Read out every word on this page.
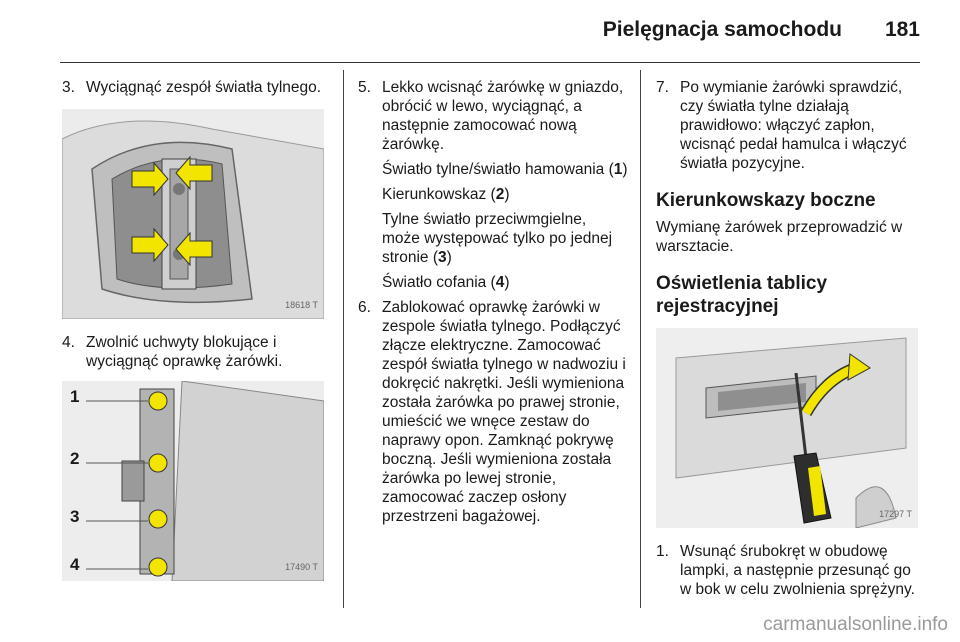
Pielęgnacja samochodu 181

3. Wyciągnąć zespół światła tylnego.

18618 T

4. Zwolnić uchwyty blokujące i wyciągnąć oprawkę żarówki.

1
2
3
4	17490 T

5. Lekko wcisnąć żarówkę w gniazdo, obrócić w lewo, wyciągnąć, a następnie zamocować nową żarówkę.

Światło tylne/światło hamowania (1)
Kierunkowskaz (2)
Tylne światło przeciwmgielne, może występować tylko po jednej stronie (3)
Światło cofania (4)

6. Zablokować oprawkę żarówki w zespole światła tylnego. Podłączyć złącze elektryczne. Zamocować zespół światła tylnego w nadwoziu i dokręcić nakrętki. Jeśli wymieniona została żarówka po prawej stronie, umieścić we wnęce zestaw do naprawy opon. Zamknąć pokrywę boczną. Jeśli wymieniona została żarówka po lewej stronie, zamocować zaczep osłony przestrzeni bagażowej.

7. Po wymianie żarówki sprawdzić, czy światła tylne działają prawidłowo: włączyć zapłon, wcisnąć pedał hamulca i włączyć światła pozycyjne.

Kierunkowskazy boczne

Wymianę żarówek przeprowadzić w warsztacie.

Oświetlenia tablicy rejestracyjnej
17297 T

1. Wsunąć śrubokręt w obudowę lampki, a następnie przesunąć go w bok w celu zwolnienia sprężyny.

carmanualsonline.info
